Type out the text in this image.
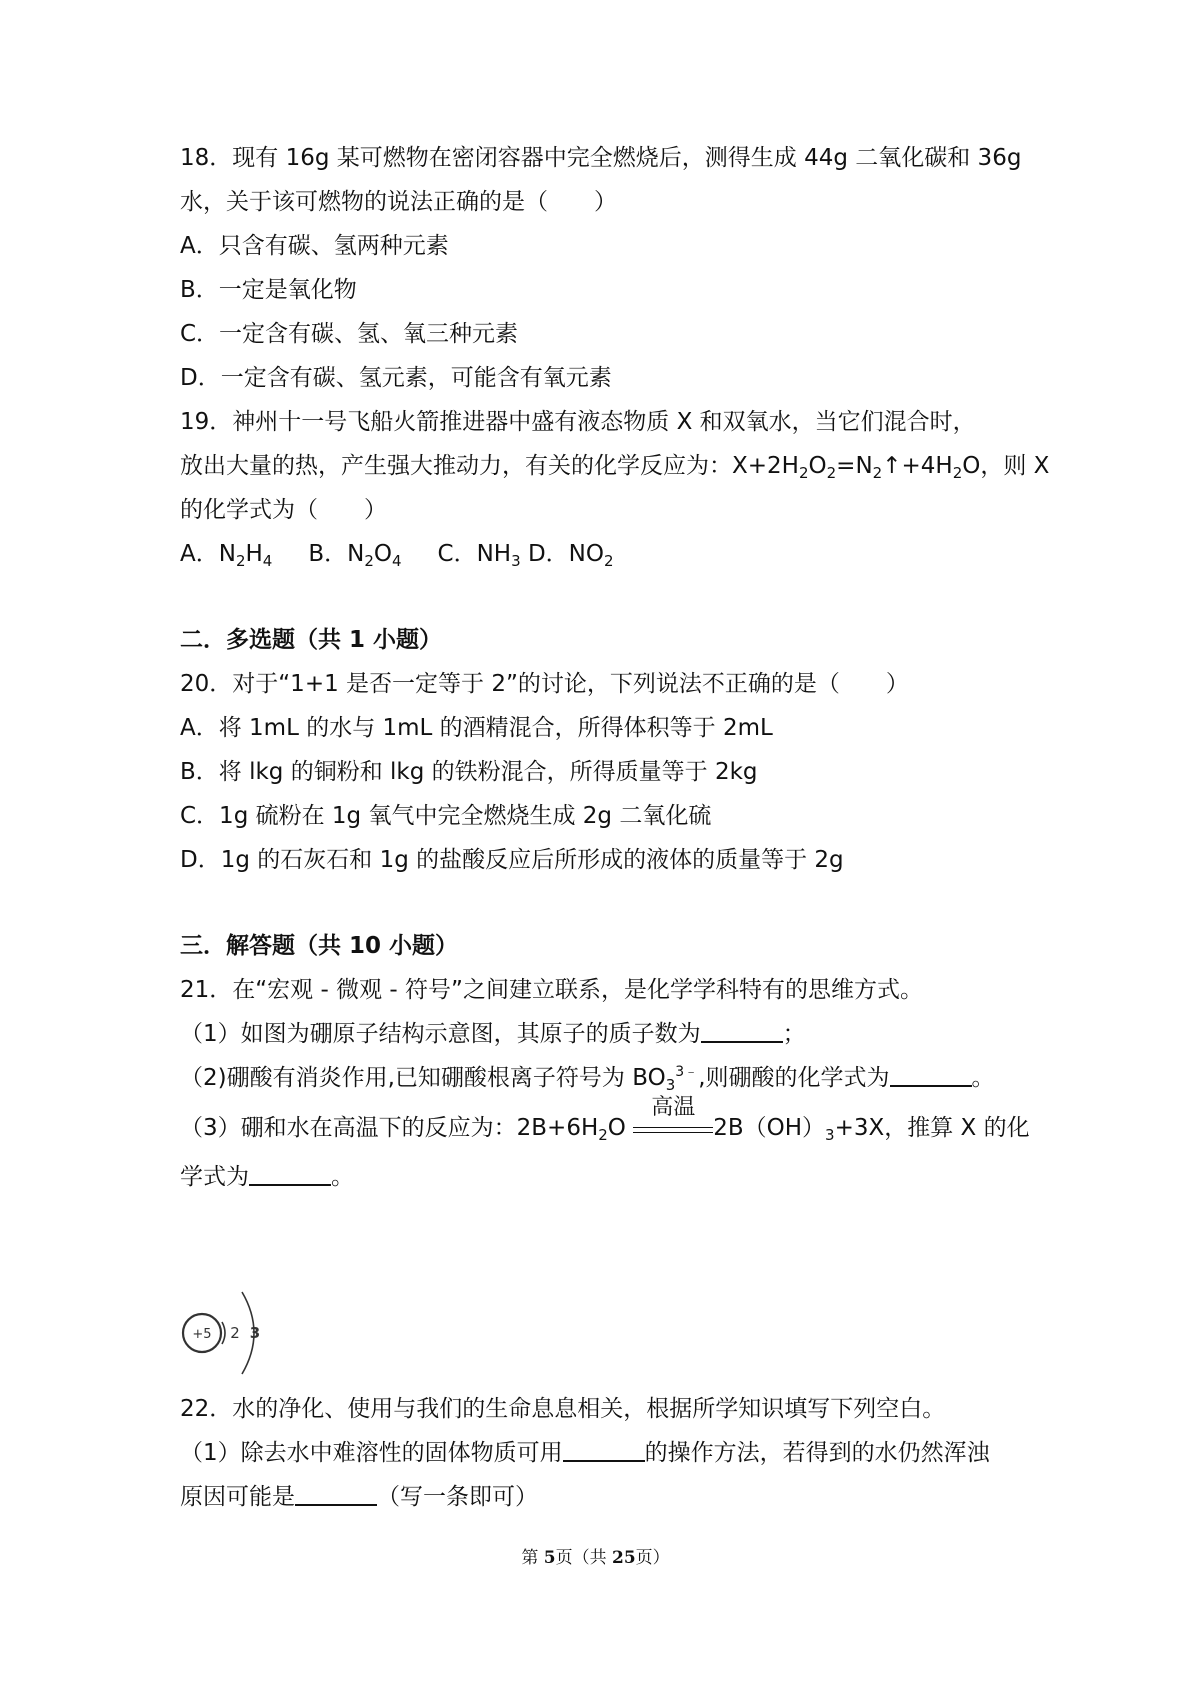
18．现有 16g 某可燃物在密闭容器中完全燃烧后，测得生成 44g 二氧化碳和 36g
水，关于该可燃物的说法正确的是（　　）
A．只含有碳、氢两种元素
B．一定是氧化物
C．一定含有碳、氢、氧三种元素
D．一定含有碳、氢元素，可能含有氧元素
19．神州十一号飞船火箭推进器中盛有液态物质 X 和双氧水，当它们混合时，
放出大量的热，产生强大推动力，有关的化学反应为：$X+2H_2O_2=N_2↑+4H_2O$，则 X
的化学式为（　　）
A．$N_2H_4$ B．$N_2O_4$ C．$NH_3$ D．$NO_2$
二．多选题（共 1 小题）
20．对于“1+1 是否一定等于 2”的讨论，下列说法不正确的是（　　）
A．将 1mL 的水与 1mL 的酒精混合，所得体积等于 2mL
B．将 lkg 的铜粉和 lkg 的铁粉混合，所得质量等于 2kg
C．1g 硫粉在 1g 氧气中完全燃烧生成 2g 二氧化硫
D．1g 的石灰石和 1g 的盐酸反应后所形成的液体的质量等于 2g
三．解答题（共 10 小题）
21．在“宏观 - 微观 - 符号”之间建立联系，是化学学科特有的思维方式。
（1）如图为硼原子结构示意图，其原子的质子数为	；
（2)硼酸有消炎作用,已知硼酸根离子符号为 $BO_3^{3﹣}$,则硼酸的化学式为	。
（3）硼和水在高温下的反应为：$2B+6H_2O$
高温
$2B(OH)_3+3X$，推算 X 的化
学式为	。
+5 2 3
22．水的净化、使用与我们的生命息息相关，根据所学知识填写下列空白。
（1）除去水中难溶性的固体物质可用	的操作方法，若得到的水仍然浑浊
原因可能是	（写一条即可）
第 5页（共 25页）
